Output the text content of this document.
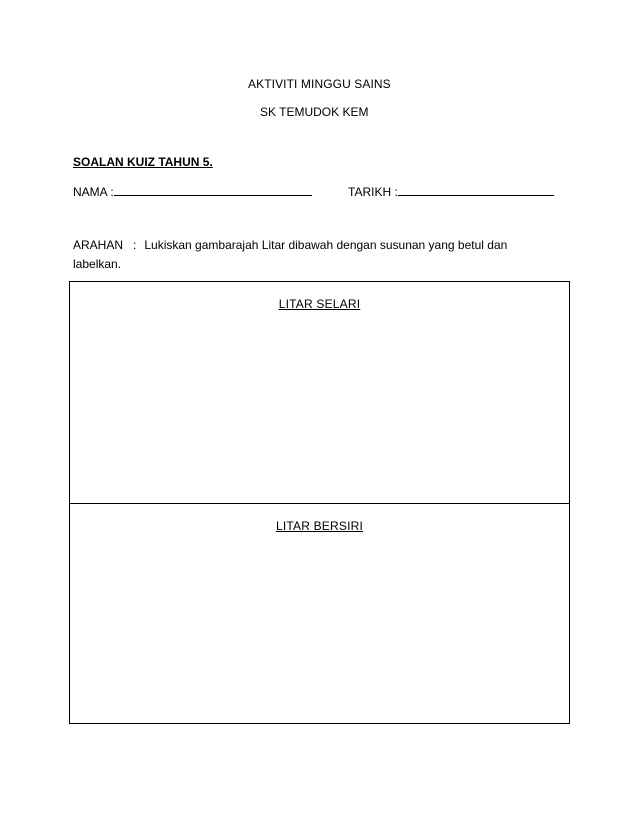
AKTIVITI MINGGU SAINS
SK TEMUDOK KEM
SOALAN KUIZ TAHUN 5.
NAMA :	TARIKH :
ARAHAN : Lukiskan gambarajah Litar dibawah dengan susunan yang betul dan labelkan.
LITAR SELARI
LITAR BERSIRI
